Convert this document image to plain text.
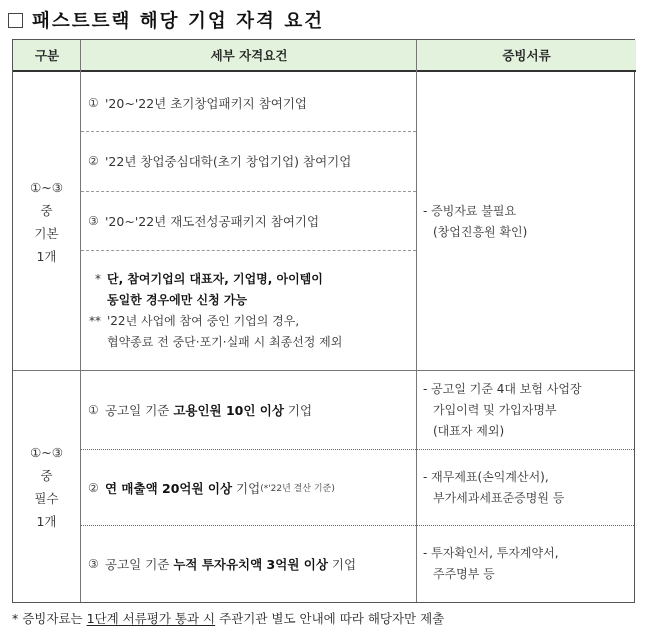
패스트트랙 해당 기업 자격 요건
구분	세부 자격요건	증빙서류
①~③
중
기본
1개
① '20~'22년 초기창업패키지 참여기업
② '22년 창업중심대학(초기 창업기업) 참여기업
③ '20~'22년 재도전성공패키지 참여기업
* 단, 참여기업의 대표자, 기업명, 아이템이
동일한 경우에만 신청 가능
** '22년 사업에 참여 중인 기업의 경우,
협약종료 전 중단·포기·실패 시 최종선정 제외
- 증빙자료 불필요
(창업진흥원 확인)
①~③
중
필수
1개
① 공고일 기준 고용인원 10인 이상 기업
② 연 매출액 20억원 이상 기업 (*'22년 결산 기준)
③ 공고일 기준 누적 투자유치액 3억원 이상 기업
- 공고일 기준 4대 보험 사업장
가입이력 및 가입자명부
(대표자 제외)
- 재무제표(손익계산서),
부가세과세표준증명원 등
- 투자확인서, 투자계약서,
주주명부 등
* 증빙자료는 1단계 서류평가 통과 시 주관기관 별도 안내에 따라 해당자만 제출
